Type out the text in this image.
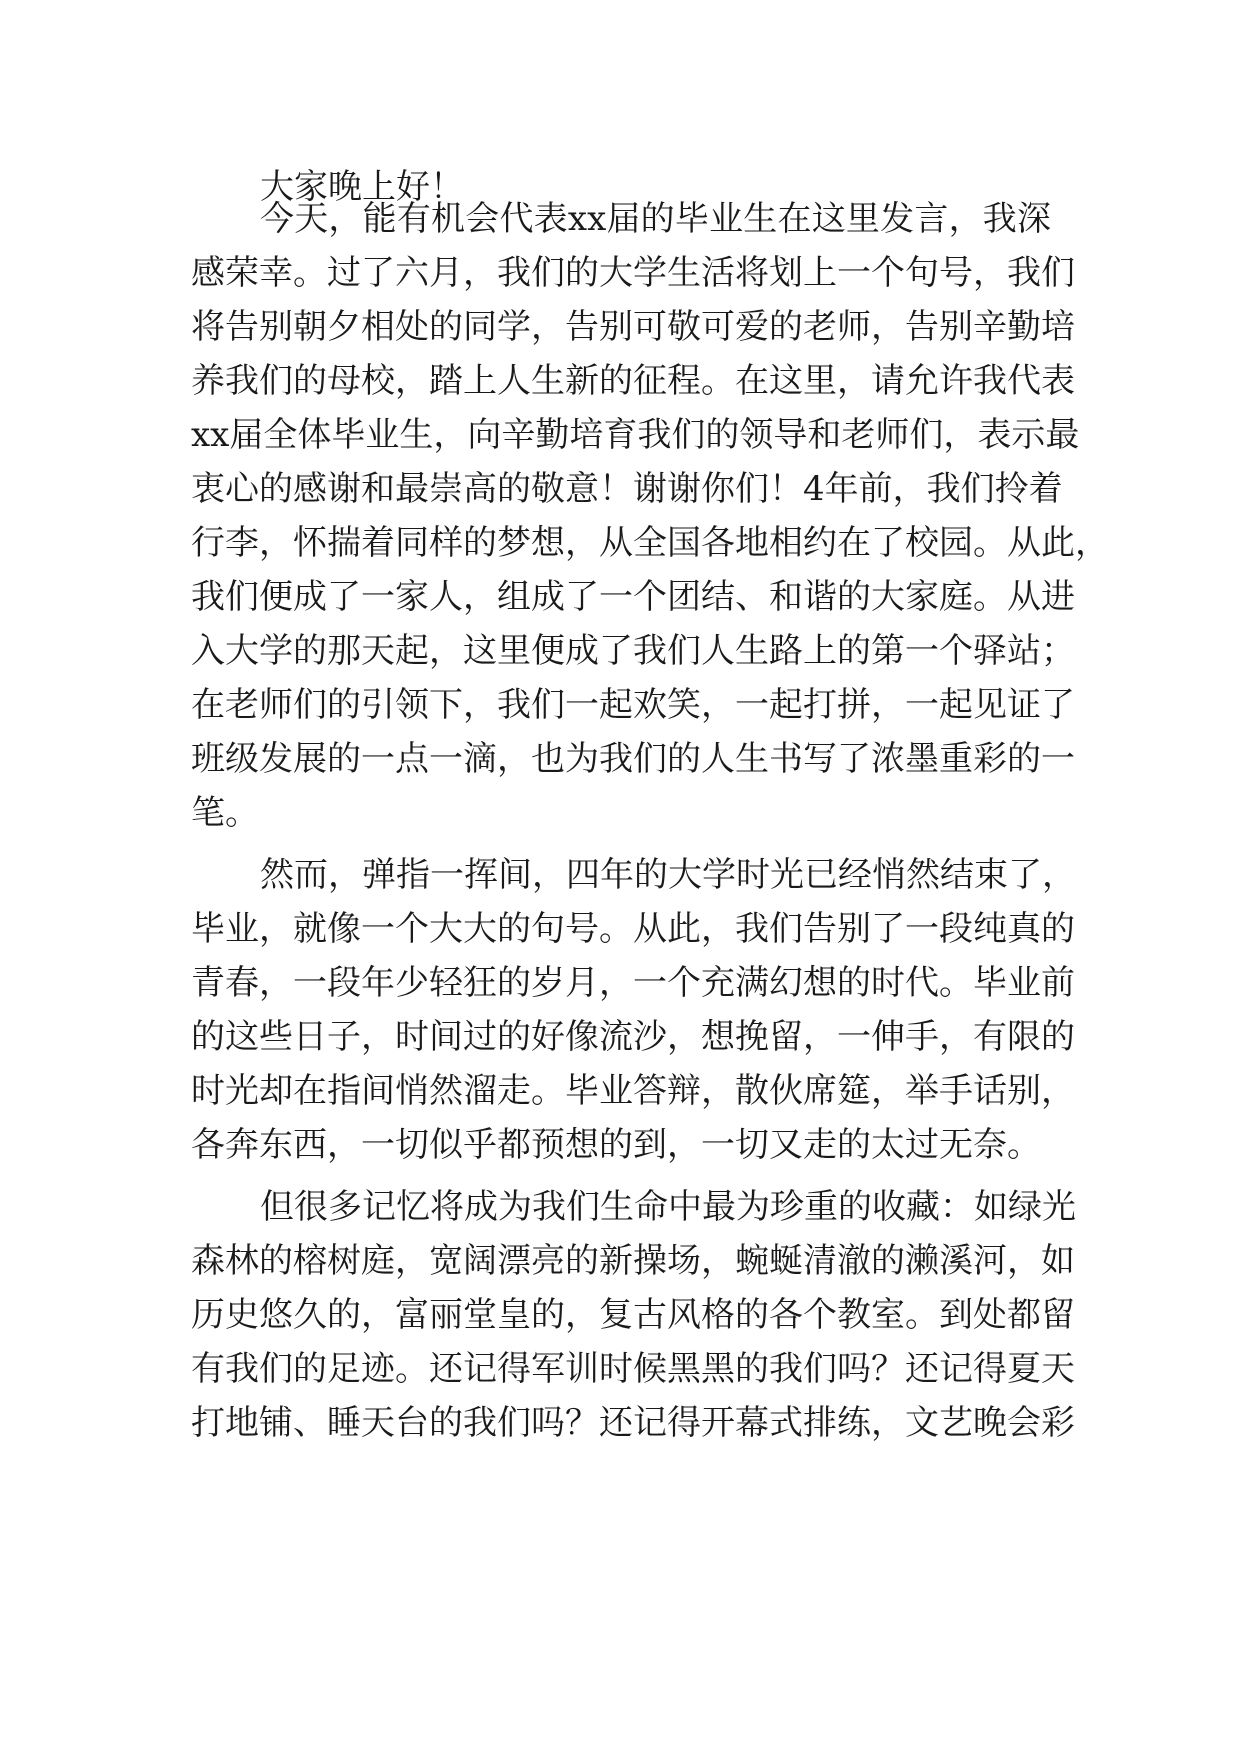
大家晚上好！
今天，能有机会代表xx届的毕业生在这里发言，我深
感荣幸。过了六月，我们的大学生活将划上一个句号，我们
将告别朝夕相处的同学，告别可敬可爱的老师，告别辛勤培
养我们的母校，踏上人生新的征程。在这里，请允许我代表
xx届全体毕业生，向辛勤培育我们的领导和老师们，表示最
衷心的感谢和最崇高的敬意！谢谢你们！4年前，我们拎着
行李，怀揣着同样的梦想，从全国各地相约在了校园。从此，
我们便成了一家人，组成了一个团结、和谐的大家庭。从进
入大学的那天起，这里便成了我们人生路上的第一个驿站；
在老师们的引领下，我们一起欢笑，一起打拼，一起见证了
班级发展的一点一滴，也为我们的人生书写了浓墨重彩的一
笔。
然而，弹指一挥间，四年的大学时光已经悄然结束了，
毕业，就像一个大大的句号。从此，我们告别了一段纯真的
青春，一段年少轻狂的岁月，一个充满幻想的时代。毕业前
的这些日子，时间过的好像流沙，想挽留，一伸手，有限的
时光却在指间悄然溜走。毕业答辩，散伙席筵，举手话别，
各奔东西，一切似乎都预想的到，一切又走的太过无奈。
但很多记忆将成为我们生命中最为珍重的收藏：如绿光
森林的榕树庭，宽阔漂亮的新操场，蜿蜒清澈的濑溪河，如
历史悠久的，富丽堂皇的，复古风格的各个教室。到处都留
有我们的足迹。还记得军训时候黑黑的我们吗？还记得夏天
打地铺、睡天台的我们吗？还记得开幕式排练，文艺晚会彩
